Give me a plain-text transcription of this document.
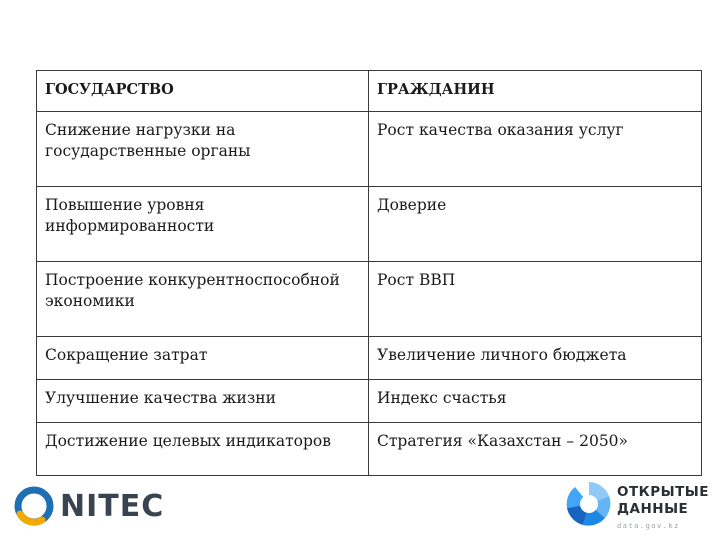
ГОСУДАРСТВО	ГРАЖДАНИН
Снижение нагрузки на государственные органы	Рост качества оказания услуг
Повышение уровня информированности	Доверие
Построение конкурентноспособной экономики	Рост ВВП
Сокращение затрат	Увеличение личного бюджета
Улучшение качества жизни	Индекс счастья
Достижение целевых индикаторов	Стратегия «Казахстан – 2050»
NITEC	ОТКРЫТЫЕ
ДАННЫЕ
data.gov.kz
